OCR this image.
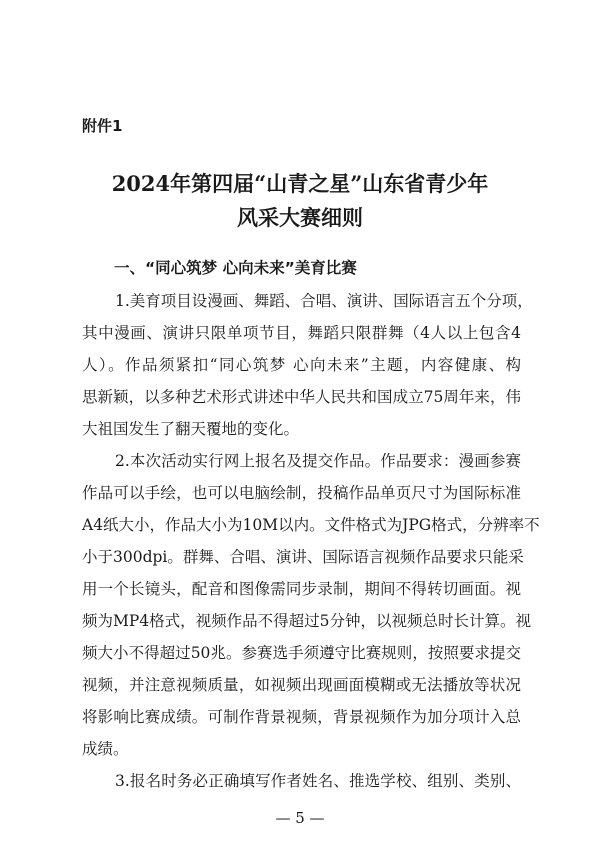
附件1

2024年第四届“山青之星”山东省青少年
风采大赛细则
一、“同心筑梦 心向未来”美育比赛

1.美育项目设漫画、舞蹈、合唱、演讲、国际语言五个分项，

其中漫画、演讲只限单项节目，舞蹈只限群舞（4人以上包含4

人）。作品须紧扣“同心筑梦 心向未来”主题，内容健康、构

思新颖，以多种艺术形式讲述中华人民共和国成立75周年来，伟

大祖国发生了翻天覆地的变化。

2.本次活动实行网上报名及提交作品。作品要求：漫画参赛

作品可以手绘，也可以电脑绘制，投稿作品单页尺寸为国际标准

A4纸大小，作品大小为10M以内。文件格式为JPG格式，分辨率不

小于300dpi。群舞、合唱、演讲、国际语言视频作品要求只能采

用一个长镜头，配音和图像需同步录制，期间不得转切画面。视

频为MP4格式，视频作品不得超过5分钟，以视频总时长计算。视

频大小不得超过50兆。参赛选手须遵守比赛规则，按照要求提交

视频，并注意视频质量，如视频出现画面模糊或无法播放等状况

将影响比赛成绩。可制作背景视频，背景视频作为加分项计入总

成绩。

— 5 —

3.报名时务必正确填写作者姓名、推选学校、组别、类别、
